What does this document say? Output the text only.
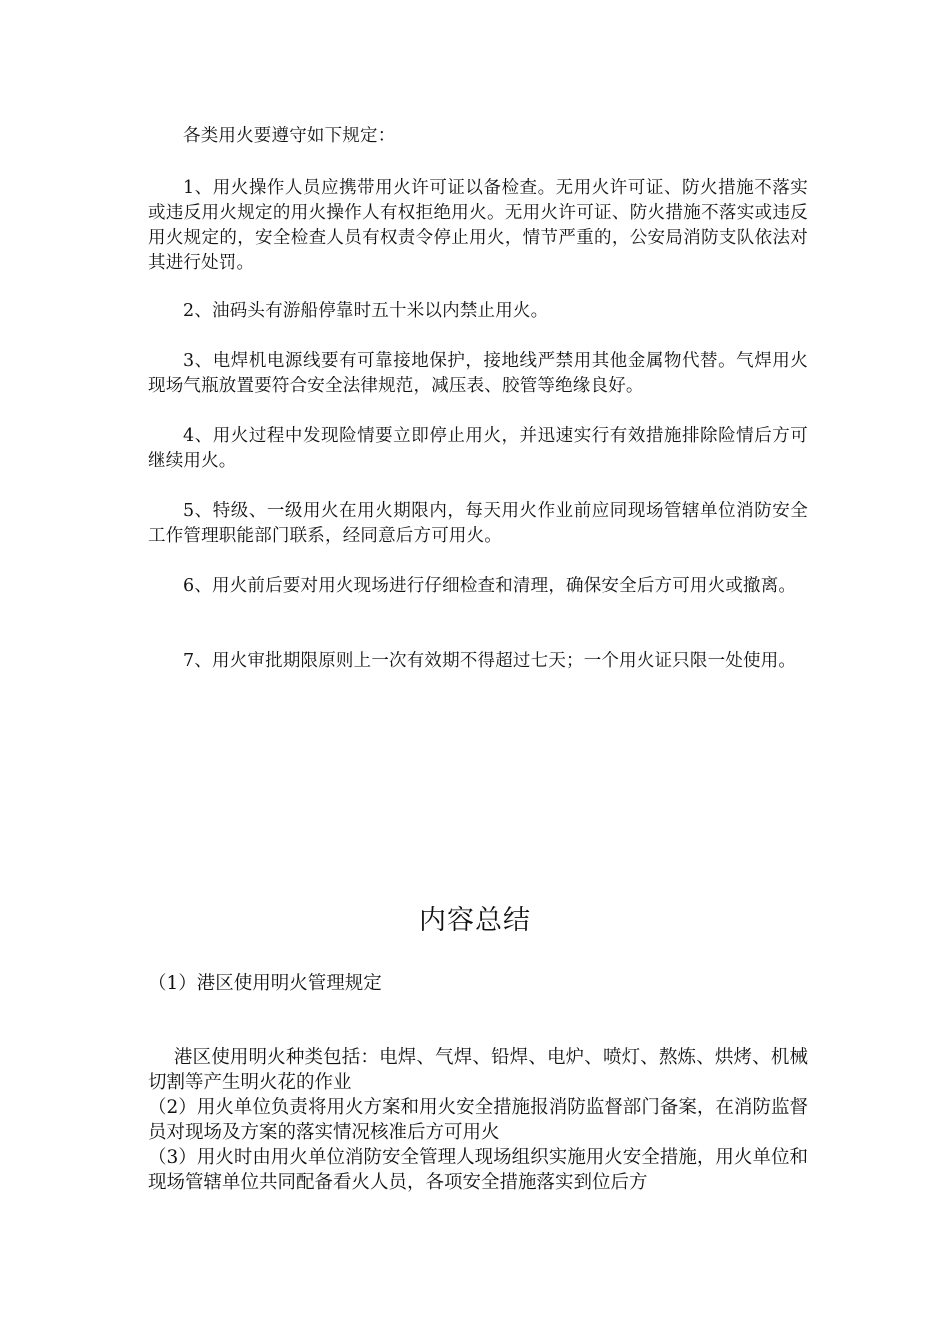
各类用火要遵守如下规定：

1、用火操作人员应携带用火许可证以备检查。无用火许可证、防火措施不落实或违反用火规定的用火操作人有权拒绝用火。无用火许可证、防火措施不落实或违反用火规定的，安全检查人员有权责令停止用火，情节严重的，公安局消防支队依法对其进行处罚。

2、油码头有游船停靠时五十米以内禁止用火。

3、电焊机电源线要有可靠接地保护，接地线严禁用其他金属物代替。气焊用火现场气瓶放置要符合安全法律规范，减压表、胶管等绝缘良好。

4、用火过程中发现险情要立即停止用火，并迅速实行有效措施排除险情后方可继续用火。

5、特级、一级用火在用火期限内，每天用火作业前应同现场管辖单位消防安全工作管理职能部门联系，经同意后方可用火。

6、用火前后要对用火现场进行仔细检查和清理，确保安全后方可用火或撤离。

7、用火审批期限原则上一次有效期不得超过七天；一个用火证只限一处使用。

内容总结

（1）港区使用明火管理规定

港区使用明火种类包括：电焊、气焊、铅焊、电炉、喷灯、熬炼、烘烤、机械切割等产生明火花的作业

（2）用火单位负责将用火方案和用火安全措施报消防监督部门备案，在消防监督员对现场及方案的落实情况核准后方可用火

（3）用火时由用火单位消防安全管理人现场组织实施用火安全措施，用火单位和现场管辖单位共同配备看火人员，各项安全措施落实到位后方
